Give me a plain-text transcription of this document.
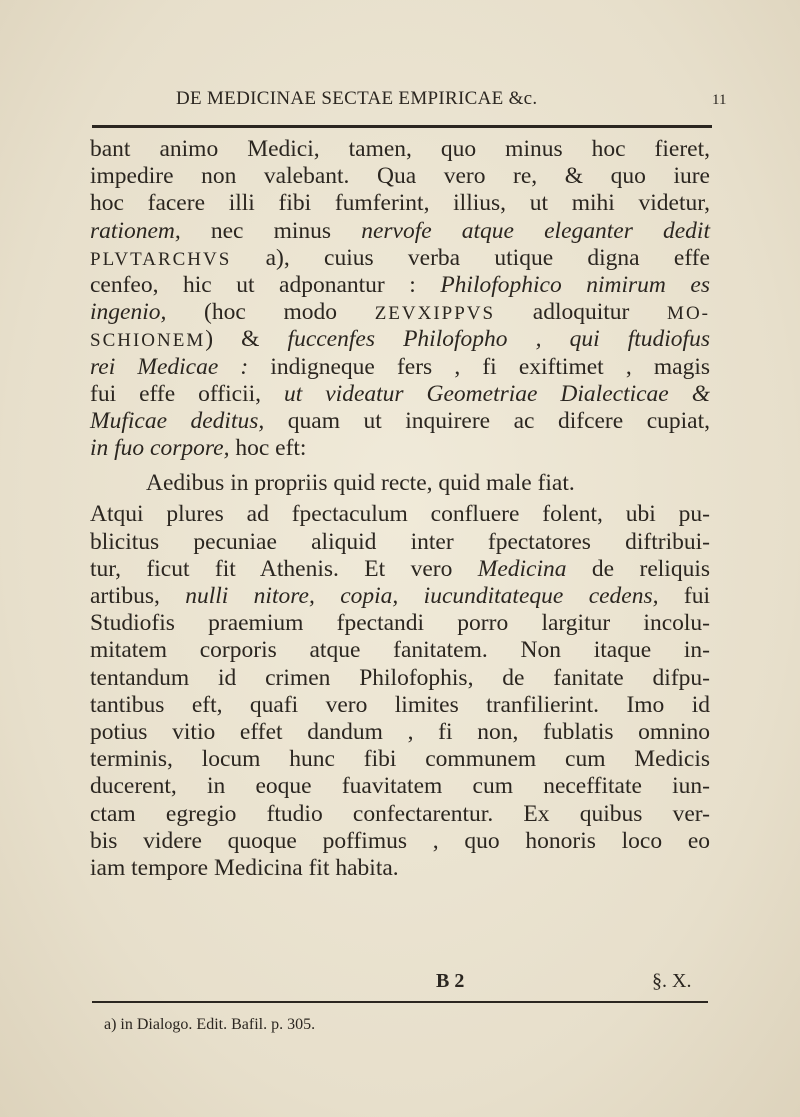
DE MEDICINAE SECTAE EMPIRICAE &c.	11
bant animo Medici, tamen, quo minus hoc fieret,
impedire non valebant. Qua vero re, & quo iure
hoc facere illi fibi fumferint, illius, ut mihi videtur,
rationem, nec minus nervofe atque eleganter dedit
PLVTARCHVS a), cuius verba utique digna effe
cenfeo, hic ut adponantur : Philofophico nimirum es
ingenio, (hoc modo ZEVXIPPVS adloquitur MO-
SCHIONEM) & fuccenfes Philofopho , qui ftudiofus
rei Medicae : indigneque fers , fi exiftimet , magis
fui effe officii, ut videatur Geometriae Dialecticae &
Muficae deditus, quam ut inquirere ac difcere cupiat,
in fuo corpore, hoc eft:
Aedibus in propriis quid recte, quid male fiat.
Atqui plures ad fpectaculum confluere folent, ubi pu-
blicitus pecuniae aliquid inter fpectatores diftribui-
tur, ficut fit Athenis. Et vero Medicina de reliquis
artibus, nulli nitore, copia, iucunditateque cedens, fui
Studiofis praemium fpectandi porro largitur incolu-
mitatem corporis atque fanitatem. Non itaque in-
tentandum id crimen Philofophis, de fanitate difpu-
tantibus eft, quafi vero limites tranfilierint. Imo id
potius vitio effet dandum , fi non, fublatis omnino
terminis, locum hunc fibi communem cum Medicis
ducerent, in eoque fuavitatem cum neceffitate iun-
ctam egregio ftudio confectarentur. Ex quibus ver-
bis videre quoque poffimus , quo honoris loco eo
iam tempore Medicina fit habita.
B 2	§. X.
a) in Dialogo. Edit. Bafil. p. 305.
